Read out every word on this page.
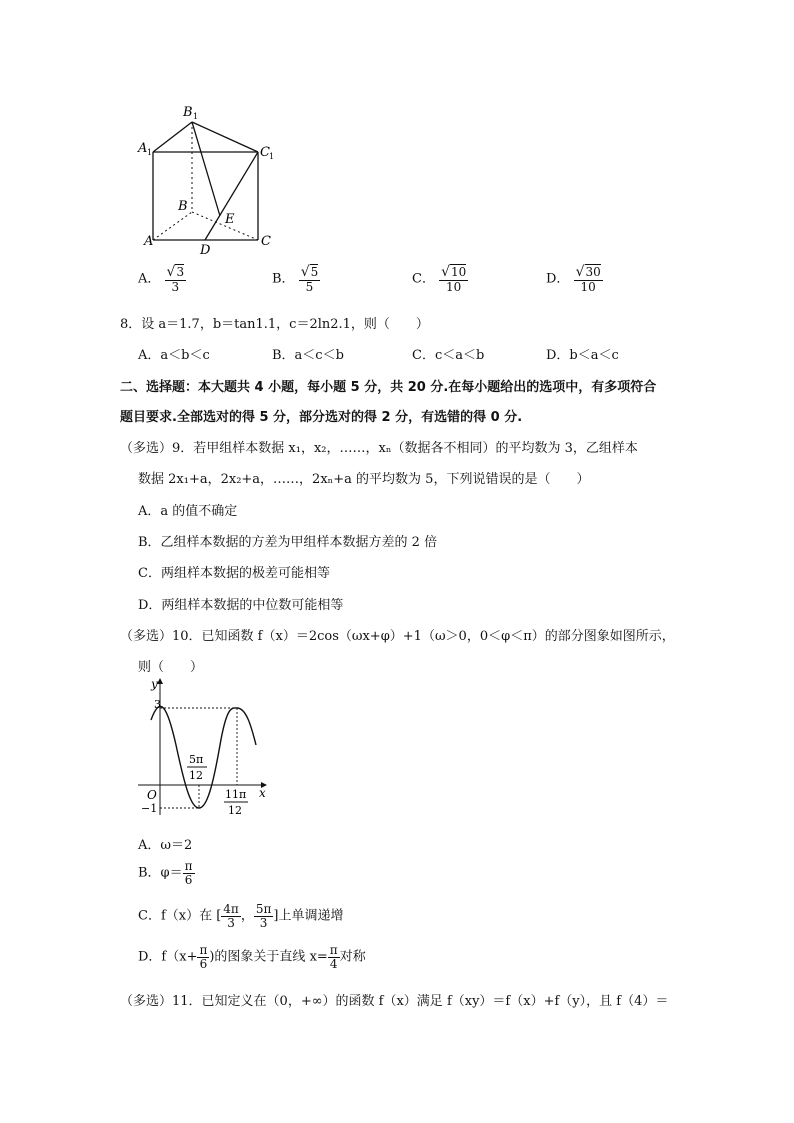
B 1
A 1	C 1
B
E
A
D
C
A． $\frac{√3}{3}$	B． $\frac{√5}{5}$	C． $\frac{√10}{10}$	D． $\frac{√30}{10}$
8．设 a＝1.7，b＝tan1.1，c＝2ln2.1，则（　　）
A．a＜b＜c	B．a＜c＜b	C．c＜a＜b	D．b＜a＜c
二、选择题：本大题共 4 小题，每小题 5 分，共 20 分.在每小题给出的选项中，有多项符合
题目要求.全部选对的得 5 分，部分选对的得 2 分，有选错的得 0 分.
（多选）9．若甲组样本数据 x₁，x₂，……，xₙ（数据各不相同）的平均数为 3，乙组样本
数据 2x₁+a，2x₂+a，……，2xₙ+a 的平均数为 5，下列说错误的是（　　）
A．a 的值不确定
B．乙组样本数据的方差为甲组样本数据方差的 2 倍
C．两组样本数据的极差可能相等
D．两组样本数据的中位数可能相等
（多选）10．已知函数 f（x）＝2cos（ωx+φ）+1（ω＞0，0＜φ＜π）的部分图象如图所示，
则（　　）
y
x
O
3
−1
5π
12
11π
12
A．ω＝2
B．$\varphi= \frac{\pi}{6}$
C．f（x）在 [ $\frac{4\pi}{3}$ ， $\frac{5\pi}{3}$ ]上单调递增
D．$f(x+ \frac{\pi}{6}$ )的图象关于直线 $x= \frac{\pi}{4}$ 对称
（多选）11．已知定义在（0，+∞）的函数 f（x）满足 f（xy）＝f（x）+f（y），且 f（4）＝
